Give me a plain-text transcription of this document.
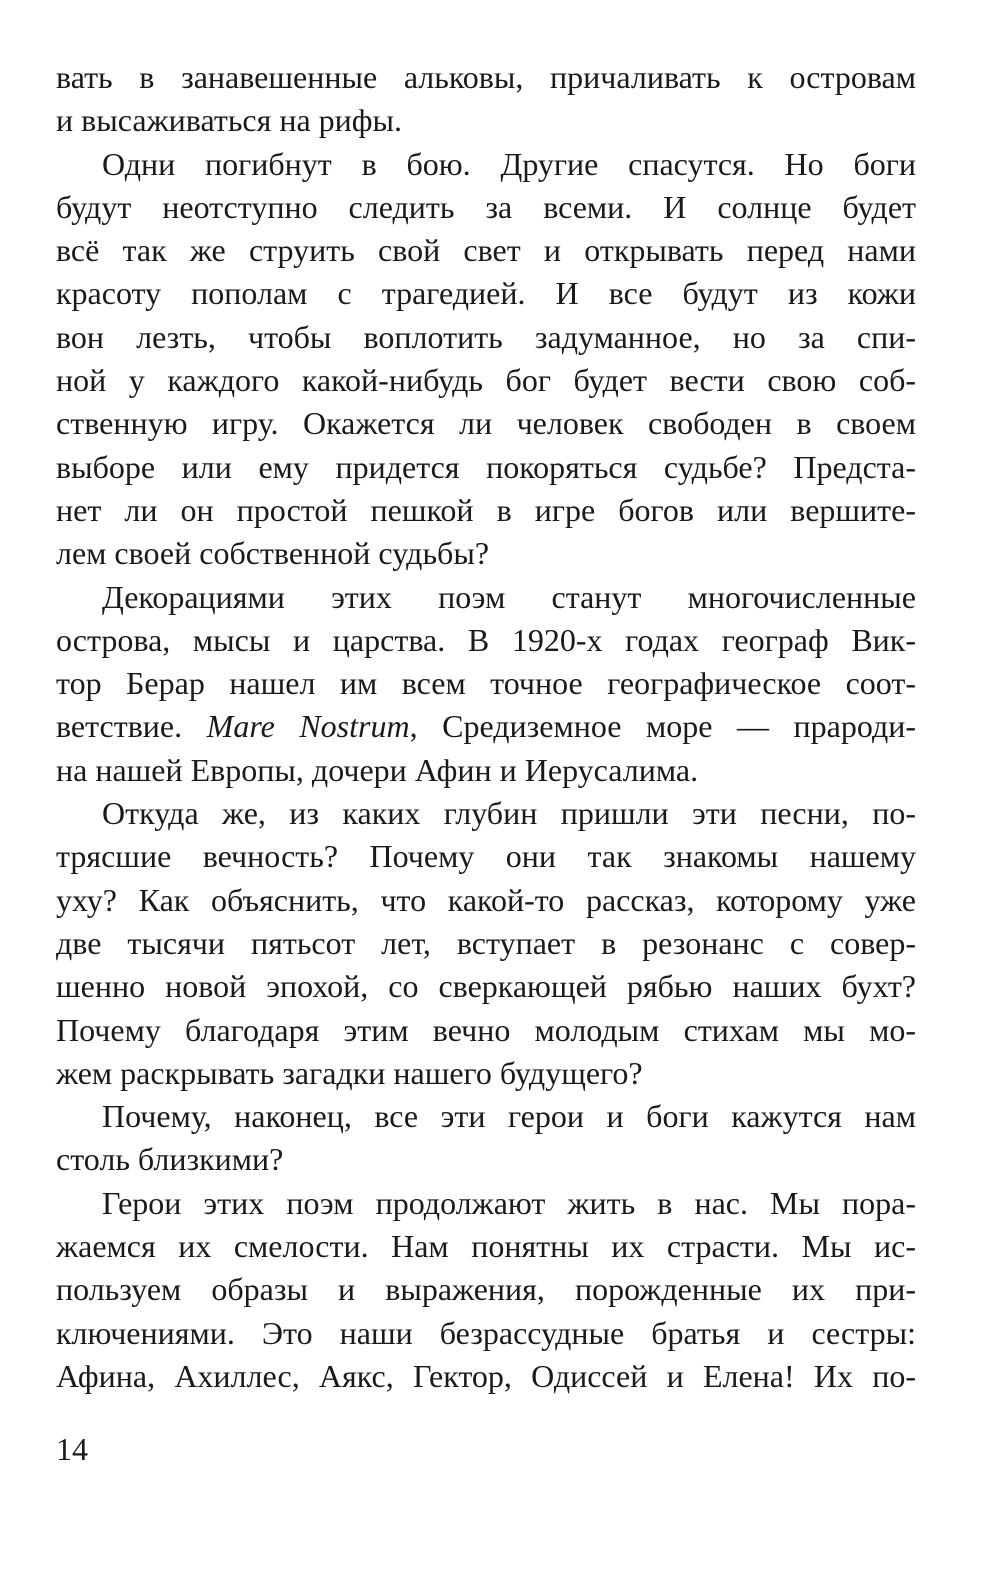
вать в занавешенные альковы, причаливать к островам
и высаживаться на рифы.
Одни погибнут в бою. Другие спасутся. Но боги
будут неотступно следить за всеми. И солнце будет
всё так же струить свой свет и открывать перед нами
красоту пополам с трагедией. И все будут из кожи
вон лезть, чтобы воплотить задуманное, но за спи-
ной у каждого какой-нибудь бог будет вести свою соб-
ственную игру. Окажется ли человек свободен в своем
выборе или ему придется покоряться судьбе? Предста-
нет ли он простой пешкой в игре богов или вершите-
лем своей собственной судьбы?
Декорациями этих поэм станут многочисленные
острова, мысы и царства. В 1920-х годах географ Вик-
тор Берар нашел им всем точное географическое соот-
ветствие. Mare Nostrum, Средиземное море — прароди-
на нашей Европы, дочери Афин и Иерусалима.
Откуда же, из каких глубин пришли эти песни, по-
трясшие вечность? Почему они так знакомы нашему
уху? Как объяснить, что какой-то рассказ, которому уже
две тысячи пятьсот лет, вступает в резонанс с совер-
шенно новой эпохой, со сверкающей рябью наших бухт?
Почему благодаря этим вечно молодым стихам мы мо-
жем раскрывать загадки нашего будущего?
Почему, наконец, все эти герои и боги кажутся нам
столь близкими?
Герои этих поэм продолжают жить в нас. Мы пора-
жаемся их смелости. Нам понятны их страсти. Мы ис-
пользуем образы и выражения, порожденные их при-
ключениями. Это наши безрассудные братья и сестры:
Афина, Ахиллес, Аякс, Гектор, Одиссей и Елена! Их по-
14
